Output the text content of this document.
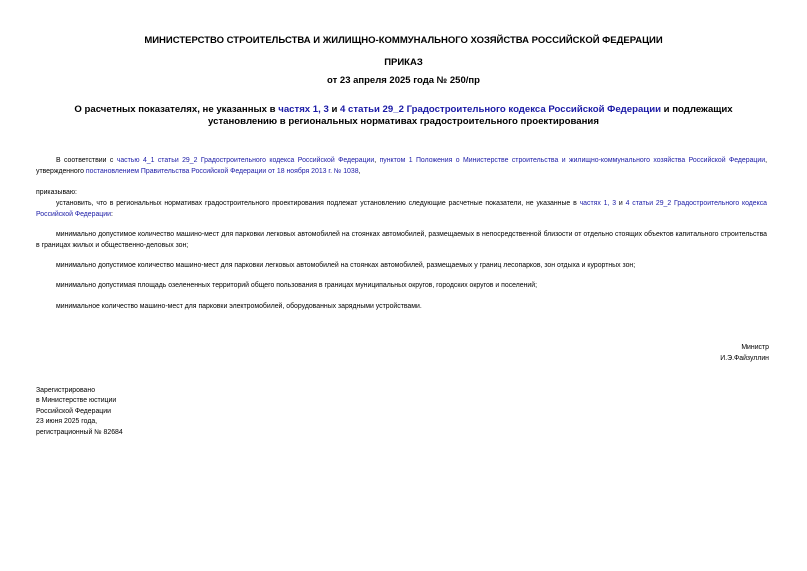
МИНИСТЕРСТВО СТРОИТЕЛЬСТВА И ЖИЛИЩНО-КОММУНАЛЬНОГО ХОЗЯЙСТВА РОССИЙСКОЙ ФЕДЕРАЦИИ
ПРИКАЗ
от 23 апреля 2025 года № 250/пр
О расчетных показателях, не указанных в частях 1, 3 и 4 статьи 29_2 Градостроительного кодекса Российской Федерации и подлежащих установлению в региональных нормативах градостроительного проектирования
В соответствии с частью 4_1 статьи 29_2 Градостроительного кодекса Российской Федерации, пунктом 1 Положения о Министерстве строительства и жилищно-коммунального хозяйства Российской Федерации, утвержденного постановлением Правительства Российской Федерации от 18 ноября 2013 г. № 1038,
приказываю:
установить, что в региональных нормативах градостроительного проектирования подлежат установлению следующие расчетные показатели, не указанные в частях 1, 3 и 4 статьи 29_2 Градостроительного кодекса Российской Федерации:
минимально допустимое количество машино-мест для парковки легковых автомобилей на стоянках автомобилей, размещаемых в непосредственной близости от отдельно стоящих объектов капитального строительства в границах жилых и общественно-деловых зон;
минимально допустимое количество машино-мест для парковки легковых автомобилей на стоянках автомобилей, размещаемых у границ лесопарков, зон отдыха и курортных зон;
минимально допустимая площадь озелененных территорий общего пользования в границах муниципальных округов, городских округов и поселений;
минимальное количество машино-мест для парковки электромобилей, оборудованных зарядными устройствами.
Министр
И.Э.Файзуллин
Зарегистрировано
в Министерстве юстиции
Российской Федерации
23 июня 2025 года,
регистрационный № 82684
